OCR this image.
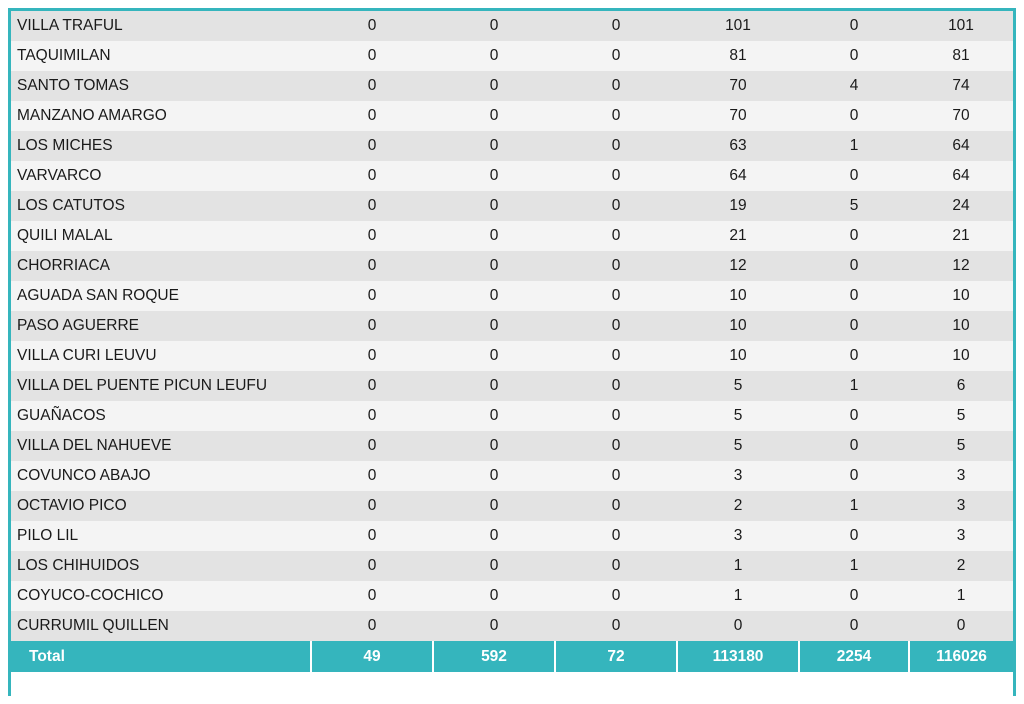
VILLA TRAFUL	0	0	0	101	0	101
TAQUIMILAN	0	0	0	81	0	81
SANTO TOMAS	0	0	0	70	4	74
MANZANO AMARGO	0	0	0	70	0	70
LOS MICHES	0	0	0	63	1	64
VARVARCO	0	0	0	64	0	64
LOS CATUTOS	0	0	0	19	5	24
QUILI MALAL	0	0	0	21	0	21
CHORRIACA	0	0	0	12	0	12
AGUADA SAN ROQUE	0	0	0	10	0	10
PASO AGUERRE	0	0	0	10	0	10
VILLA CURI LEUVU	0	0	0	10	0	10
VILLA DEL PUENTE PICUN LEUFU	0	0	0	5	1	6
GUAÑACOS	0	0	0	5	0	5
VILLA DEL NAHUEVE	0	0	0	5	0	5
COVUNCO ABAJO	0	0	0	3	0	3
OCTAVIO PICO	0	0	0	2	1	3
PILO LIL	0	0	0	3	0	3
LOS CHIHUIDOS	0	0	0	1	1	2
COYUCO-COCHICO	0	0	0	1	0	1
CURRUMIL QUILLEN	0	0	0	0	0	0
Total	49	592	72	113180	2254	116026
